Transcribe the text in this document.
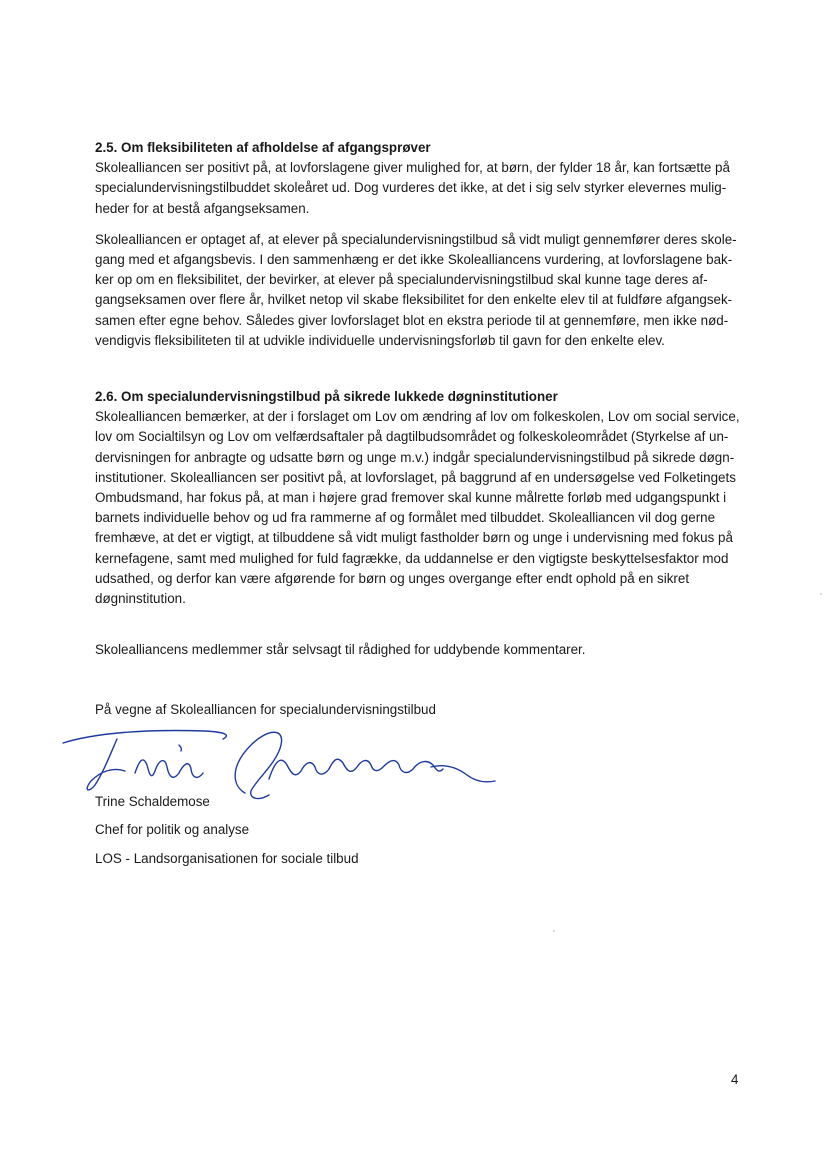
2.5. Om fleksibiliteten af afholdelse af afgangsprøver

Skolealliancen ser positivt på, at lovforslagene giver mulighed for, at børn, der fylder 18 år, kan fortsætte på specialundervisningstilbuddet skoleåret ud. Dog vurderes det ikke, at det i sig selv styrker elevernes mulig-heder for at bestå afgangseksamen.

Skolealliancen er optaget af, at elever på specialundervisningstilbud så vidt muligt gennemfører deres skole-gang med et afgangsbevis. I den sammenhæng er det ikke Skolealliancens vurdering, at lovforslagene bak-ker op om en fleksibilitet, der bevirker, at elever på specialundervisningstilbud skal kunne tage deres af-gangseksamen over flere år, hvilket netop vil skabe fleksibilitet for den enkelte elev til at fuldføre afgangsek-samen efter egne behov. Således giver lovforslaget blot en ekstra periode til at gennemføre, men ikke nød-vendigvis fleksibiliteten til at udvikle individuelle undervisningsforløb til gavn for den enkelte elev.

2.6. Om specialundervisningstilbud på sikrede lukkede døgninstitutioner

Skolealliancen bemærker, at der i forslaget om Lov om ændring af lov om folkeskolen, Lov om social service, lov om Socialtilsyn og Lov om velfærdsaftaler på dagtilbudsområdet og folkeskoleområdet (Styrkelse af un-dervisningen for anbragte og udsatte børn og unge m.v.) indgår specialundervisningstilbud på sikrede døgn-institutioner. Skolealliancen ser positivt på, at lovforslaget, på baggrund af en undersøgelse ved Folketingets Ombudsmand, har fokus på, at man i højere grad fremover skal kunne målrette forløb med udgangspunkt i barnets individuelle behov og ud fra rammerne af og formålet med tilbuddet. Skolealliancen vil dog gerne fremhæve, at det er vigtigt, at tilbuddene så vidt muligt fastholder børn og unge i undervisning med fokus på kernefagene, samt med mulighed for fuld fagrække, da uddannelse er den vigtigste beskyttelsesfaktor mod udsathed, og derfor kan være afgørende for børn og unges overgange efter endt ophold på en sikret døgninstitution.

Skolealliancens medlemmer står selvsagt til rådighed for uddybende kommentarer.

På vegne af Skolealliancen for specialundervisningstilbud

Trine Schaldemose

Chef for politik og analyse

LOS - Landsorganisationen for sociale tilbud

4
